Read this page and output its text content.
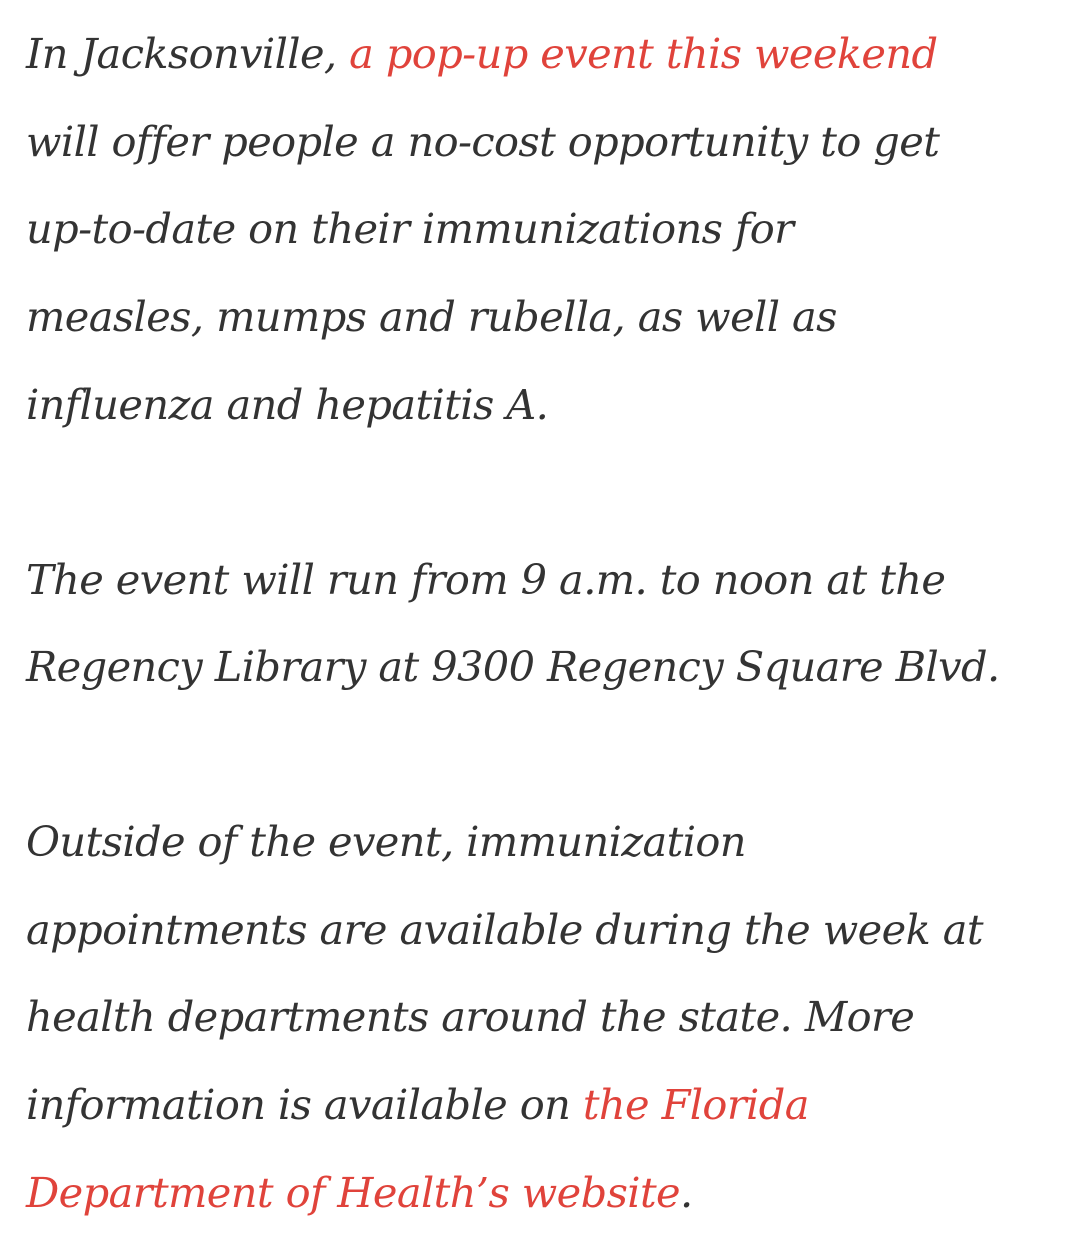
In Jacksonville, a pop-up event this weekend
will offer people a no-cost opportunity to get
up-to-date on their immunizations for
measles, mumps and rubella, as well as
influenza and hepatitis A.

The event will run from 9 a.m. to noon at the
Regency Library at 9300 Regency Square Blvd.

Outside of the event, immunization
appointments are available during the week at
health departments around the state. More
information is available on the Florida
Department of Health’s website.
